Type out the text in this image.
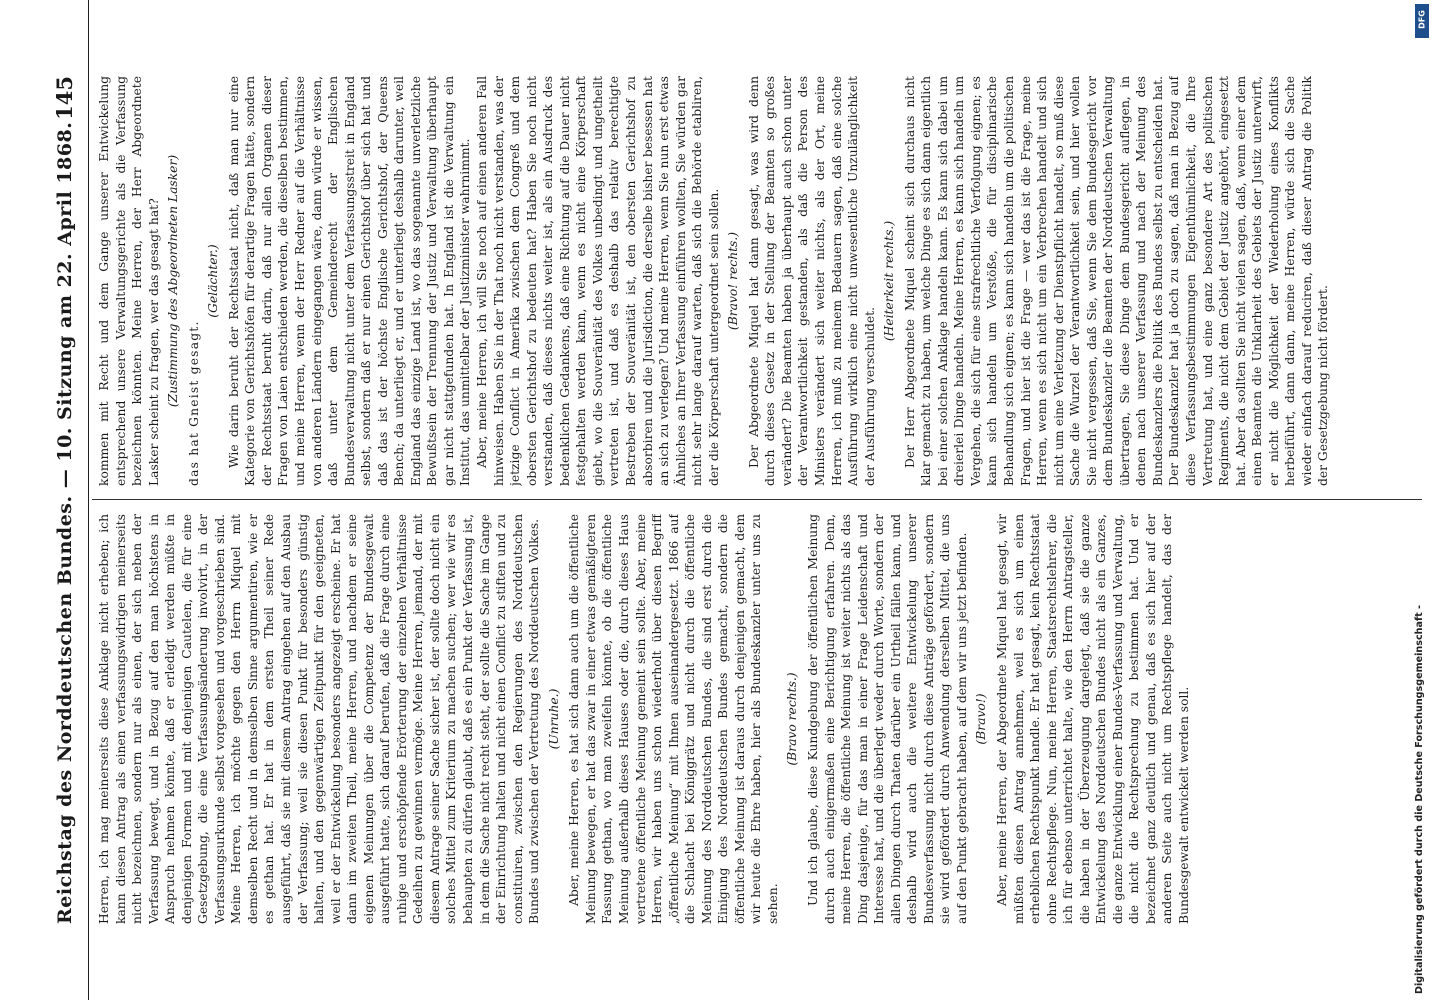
Reichstag des Norddeutschen Bundes. — 10. Sitzung am 22. April 1868.
145

Herren, ich mag meinerseits diese Anklage nicht erheben; ich kann diesen Antrag als einen verfassungswidrigen meinerseits nicht bezeichnen, sondern nur als einen, der sich neben der Verfassung bewegt, und in Bezug auf den man höchstens in Anspruch nehmen könnte, daß er erledigt werden müßte in denjenigen Formen und mit denjenigen Cautelen, die für eine Gesetzgebung, die eine Verfassungsänderung involvirt, in der Verfassungsurkunde selbst vorgesehen und vorgeschrieben sind. Meine Herren, ich möchte gegen den Herrn Miquel mit demselben Recht und in demselben Sinne argumentiren, wie er es gethan hat. Er hat in dem ersten Theil seiner Rede ausgeführt, daß sie mit diesem Antrag eingehen auf den Ausbau der Verfassung; weil sie diesen Punkt für besonders günstig halten, und den gegenwärtigen Zeitpunkt für den geeigneten, weil er der Entwickelung besonders angezeigt erscheine. Er hat dann im zweiten Theil, meine Herren, und nachdem er seine eigenen Meinungen über die Competenz der Bundesgewalt ausgeführt hatte, sich darauf berufen, daß die Frage durch eine ruhige und erschöpfende Erörterung der einzelnen Verhältnisse Gedeihen zu gewinnen vermöge. Meine Herren, jemand, der mit diesem Antrage seiner Sache sicher ist, der sollte doch nicht ein solches Mittel zum Kriterium zu machen suchen; wer wie wir es behaupten zu dürfen glaubt, daß es ein Punkt der Verfassung ist, in dem die Sache nicht recht steht, der sollte die Sache im Gange der Einrichtung halten und nicht einen Conflict zu stiften und zu constituiren, zwischen den Regierungen des Norddeutschen Bundes und zwischen der Vertretung des Norddeutschen Volkes. (Unruhe.) Aber, meine Herren, es hat sich dann auch um die öffentliche Meinung bewegen, er hat das zwar in einer etwas gemäßigteren Fassung gethan, wo man zweifeln könnte, ob die öffentliche Meinung außerhalb dieses Hauses oder die, durch dieses Haus vertretene öffentliche Meinung gemeint sein sollte. Aber, meine Herren, wir haben uns schon wiederholt über diesen Begriff „öffentliche Meinung“ mit Ihnen auseinandergesetzt. 1866 auf die Schlacht bei Königgrätz und nicht durch die öffentliche Meinung des Norddeutschen Bundes, die sind erst durch die Einigung des Norddeutschen Bundes gemacht, sondern die öffentliche Meinung ist daraus durch denjenigen gemacht, dem wir heute die Ehre haben, hier als Bundeskanzler unter uns zu sehen.

(Bravo rechts.) Und ich glaube, diese Kundgebung der öffentlichen Meinung durch auch einigermaßen eine Berichtigung erfahren. Denn, meine Herren, die öffentliche Meinung ist weiter nichts als das Ding dasjenige, für das man in einer Frage Leidenschaft und Interesse hat, und die überlegt weder durch Worte, sondern der allen Dingen durch Thaten darüber ein Urtheil fällen kann, und deshalb wird auch die weitere Entwickelung unserer Bundesverfassung nicht durch diese Anträge gefördert, sondern sie wird gefördert durch Anwendung derselben Mittel, die uns auf den Punkt gebracht haben, auf dem wir uns jetzt befinden. (Bravo!) Aber, meine Herren, der Abgeordnete Miquel hat gesagt, wir müßten diesen Antrag annehmen, weil es sich um einen erheblichen Rechtspunkt handle. Er hat gesagt, kein Rechtsstaat ohne Rechtspflege. Nun, meine Herren, Staatsrechtslehrer, die ich für ebenso unterrichtet halte, wie den Herrn Antragsteller, die haben in der Überzeugung dargelegt, daß sie die ganze Entwickelung des Norddeutschen Bundes nicht als ein Ganzes, die ganze Entwicklung einer Bundes-Verfassung und Verwaltung, die nicht die Rechtsprechung zu bestimmen hat. Und er bezeichnet ganz deutlich und genau, daß es sich hier auf der anderen Seite auch nicht um Rechtspflege handelt, das der Bundesgewalt entwickelt werden soll.

kommen mit Recht und dem Gange unserer Entwickelung entsprechend unsere Verwaltungsgerichte als die Verfassung bezeichnen könnten. Meine Herren, der Herr Abgeordnete Lasker scheint zu fragen, wer das gesagt hat? (Zustimmung des Abgeordneten Lasker) das hat Gneist gesagt.

(Gelächter.) Wie darin beruht der Rechtsstaat nicht, daß man nur eine Kategorie von Gerichtshöfen für derartige Fragen hätte, sondern der Rechtsstaat beruht darin, daß nur allen Organen dieser Fragen von Laien entschieden werden, die dieselben bestimmen, und meine Herren, wenn der Herr Redner auf die Verhältnisse von anderen Ländern eingegangen wäre, dann würde er wissen, daß unter dem Gemeinderecht der Englischen Bundesverwaltung nicht unter dem Verfassungsstreit in England selbst, sondern daß er nur einen Gerichtshof über sich hat und daß das ist der höchste Englische Gerichtshof, der Queens Bench; da unterliegt er, und er unterliegt deshalb darunter, weil England das einzige Land ist, wo das sogenannte unverletzliche Bewußtsein der Trennung der Justiz und Verwaltung überhaupt gar nicht stattgefunden hat. In England ist die Verwaltung ein Institut, das unmittelbar der Justizminister wahrnimmt. Aber, meine Herren, ich will Sie noch auf einen anderen Fall hinweisen. Haben Sie in der That noch nicht verstanden, was der jetzige Conflict in Amerika zwischen dem Congreß und dem obersten Gerichtshof zu bedeuten hat? Haben Sie noch nicht verstanden, daß dieses nichts weiter ist, als ein Ausdruck des bedenklichen Gedankens, daß eine Richtung auf die Dauer nicht festgehalten werden kann, wenn es nicht eine Körperschaft giebt, wo die Souveränität des Volkes unbedingt und ungetheilt vertreten ist, und daß es deshalb das relativ berechtigte Bestreben der Souveränität ist, den obersten Gerichtshof zu absorbiren und die Jurisdiction, die derselbe bisher besessen hat an sich zu verlegen? Und meine Herren, wenn Sie nun erst etwas Ähnliches an Ihrer Verfassung einführen wollten, Sie würden gar nicht sehr lange darauf warten, daß sich die Behörde etabliren, der die Körperschaft untergeordnet sein sollen. (Bravo! rechts.) Der Abgeordnete Miquel hat dann gesagt, was wird denn durch dieses Gesetz in der Stellung der Beamten so großes verändert? Die Beamten haben ja überhaupt auch schon unter der Verantwortlichkeit gestanden, als daß die Person des Ministers verändert sich weiter nichts, als der Ort, meine Herren, ich muß zu meinem Bedauern sagen, daß eine solche Ausführung wirklich eine nicht unwesentliche Unzulänglichkeit der Ausführung verschuldet.

(Heiterkeit rechts.) Der Herr Abgeordnete Miquel scheint sich durchaus nicht klar gemacht zu haben, um welche Dinge es sich dann eigentlich bei einer solchen Anklage handeln kann. Es kann sich dabei um dreierlei Dinge handeln. Meine Herren, es kann sich handeln um Vergehen, die sich für eine strafrechtliche Verfolgung eignen; es kann sich handeln um Verstöße, die für disciplinarische Behandlung sich eignen; es kann sich handeln um die politischen Fragen, und hier ist die Frage — wer das ist die Frage, meine Herren, wenn es sich nicht um ein Verbrechen handelt und sich nicht um eine Verletzung der Dienstpflicht handelt, so muß diese Sache die Wurzel der Verantwortlichkeit sein, und hier wollen Sie nicht vergessen, daß Sie, wenn Sie dem Bundesgericht vor dem Bundeskanzler die Beamten der Norddeutschen Verwaltung übertragen, Sie diese Dinge dem Bundesgericht auflegen, in denen nach unserer Verfassung und nach der Meinung des Bundeskanzlers die Politik des Bundes selbst zu entscheiden hat. Der Bundeskanzler hat ja doch zu sagen, daß man in Bezug auf diese Verfassungsbestimmungen Eigenthümlichkeit, die Ihre Vertretung hat, und eine ganz besondere Art des politischen Regiments, die nicht dem Gebiet der Justiz angehört, eingesetzt hat. Aber da sollten Sie nicht vielen sagen, daß, wenn einer dem einen Beamten die Unklarheit des Gebiets der Justiz unterwirft, er nicht die Möglichkeit der Wiederholung eines Konflikts herbeiführt, dann dann, meine Herren, würde sich die Sache wieder einfach darauf reduciren, daß dieser Antrag die Politik der Gesetzgebung nicht fördert.

Digitalisierung gefördert durch die Deutsche Forschungsgemeinschaft -
DFG
